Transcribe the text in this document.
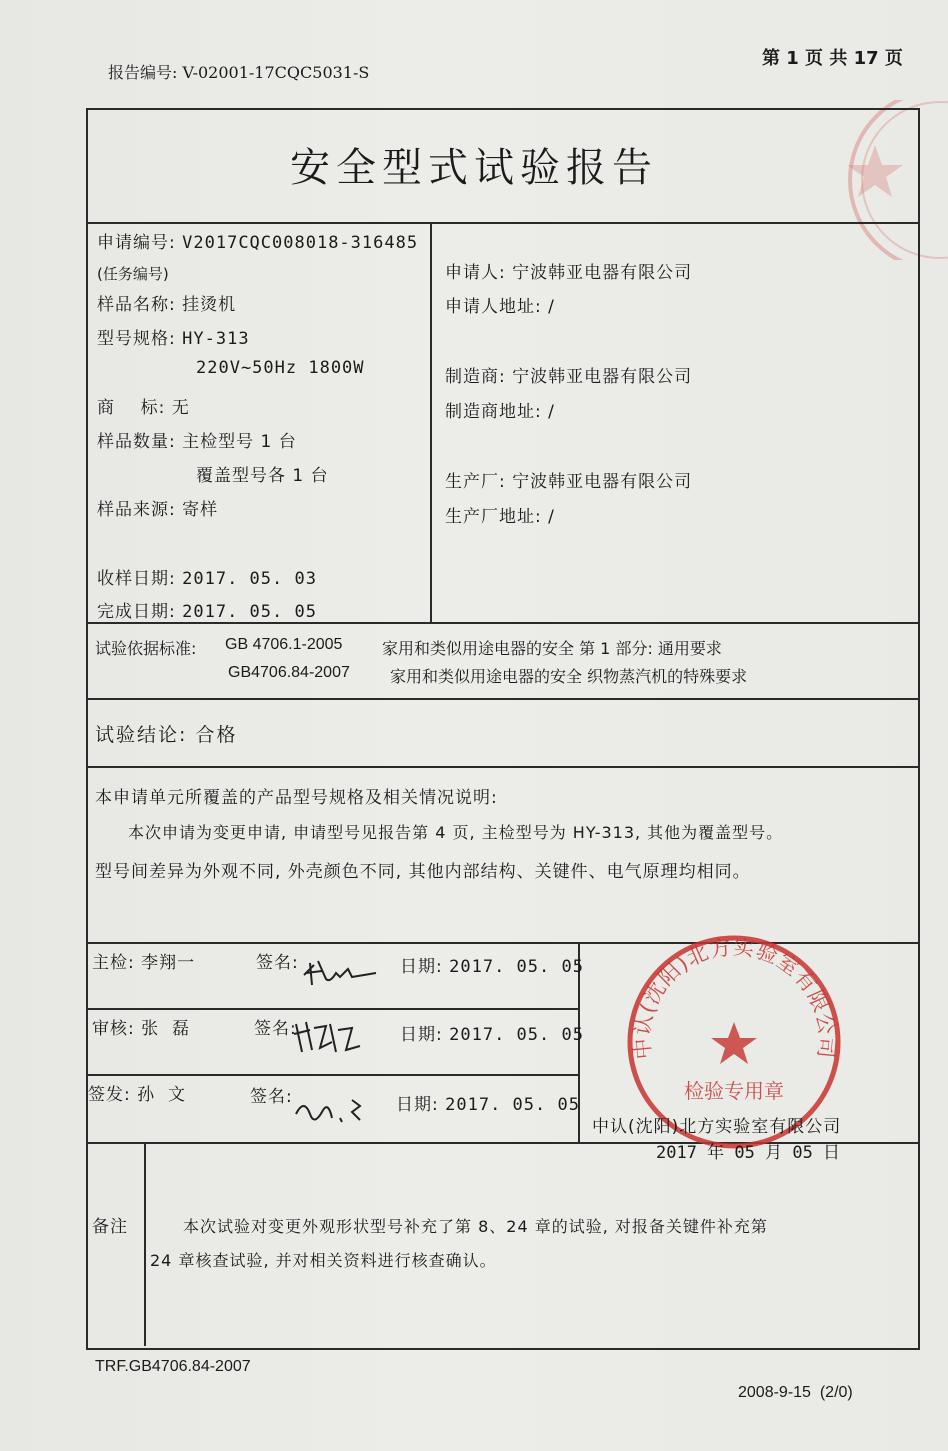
报告编号: V-02001-17CQC5031-S
第 1 页 共 17 页
安全型式试验报告
申请编号: V2017CQC008018-316485
(任务编号)
样品名称: 挂烫机
型号规格: HY-313
220V~50Hz 1800W
商    标: 无
样品数量: 主检型号 1 台
覆盖型号各 1 台
样品来源: 寄样
收样日期: 2017. 05. 03
完成日期: 2017. 05. 05
申请人: 宁波韩亚电器有限公司
申请人地址: /
制造商: 宁波韩亚电器有限公司
制造商地址: /
生产厂: 宁波韩亚电器有限公司
生产厂地址: /
试验依据标准: GB 4706.1-2005 家用和类似用途电器的安全 第 1 部分: 通用要求
GB4706.84-2007	家用和类似用途电器的安全 织物蒸汽机的特殊要求
试验结论: 合格
本申请单元所覆盖的产品型号规格及相关情况说明:
本次申请为变更申请, 申请型号见报告第 4 页, 主检型号为 HY-313, 其他为覆盖型号。
型号间差异为外观不同, 外壳颜色不同, 其他内部结构、关键件、电气原理均相同。
主检: 李翔一	签名:	日期: 2017. 05. 05
审核: 张  磊	签名:	日期: 2017. 05. 05
签发: 孙  文	签名:	日期: 2017. 05. 05
中认(沈阳)北方实验室有限公司
检验专用章
中认(沈阳)北方实验室有限公司
2017 年 05 月 05 日
备注	本次试验对变更外观形状型号补充了第 8、24 章的试验, 对报备关键件补充第
24 章核查试验, 并对相关资料进行核查确认。
TRF.GB4706.84-2007
2008-9-15  (2/0)
